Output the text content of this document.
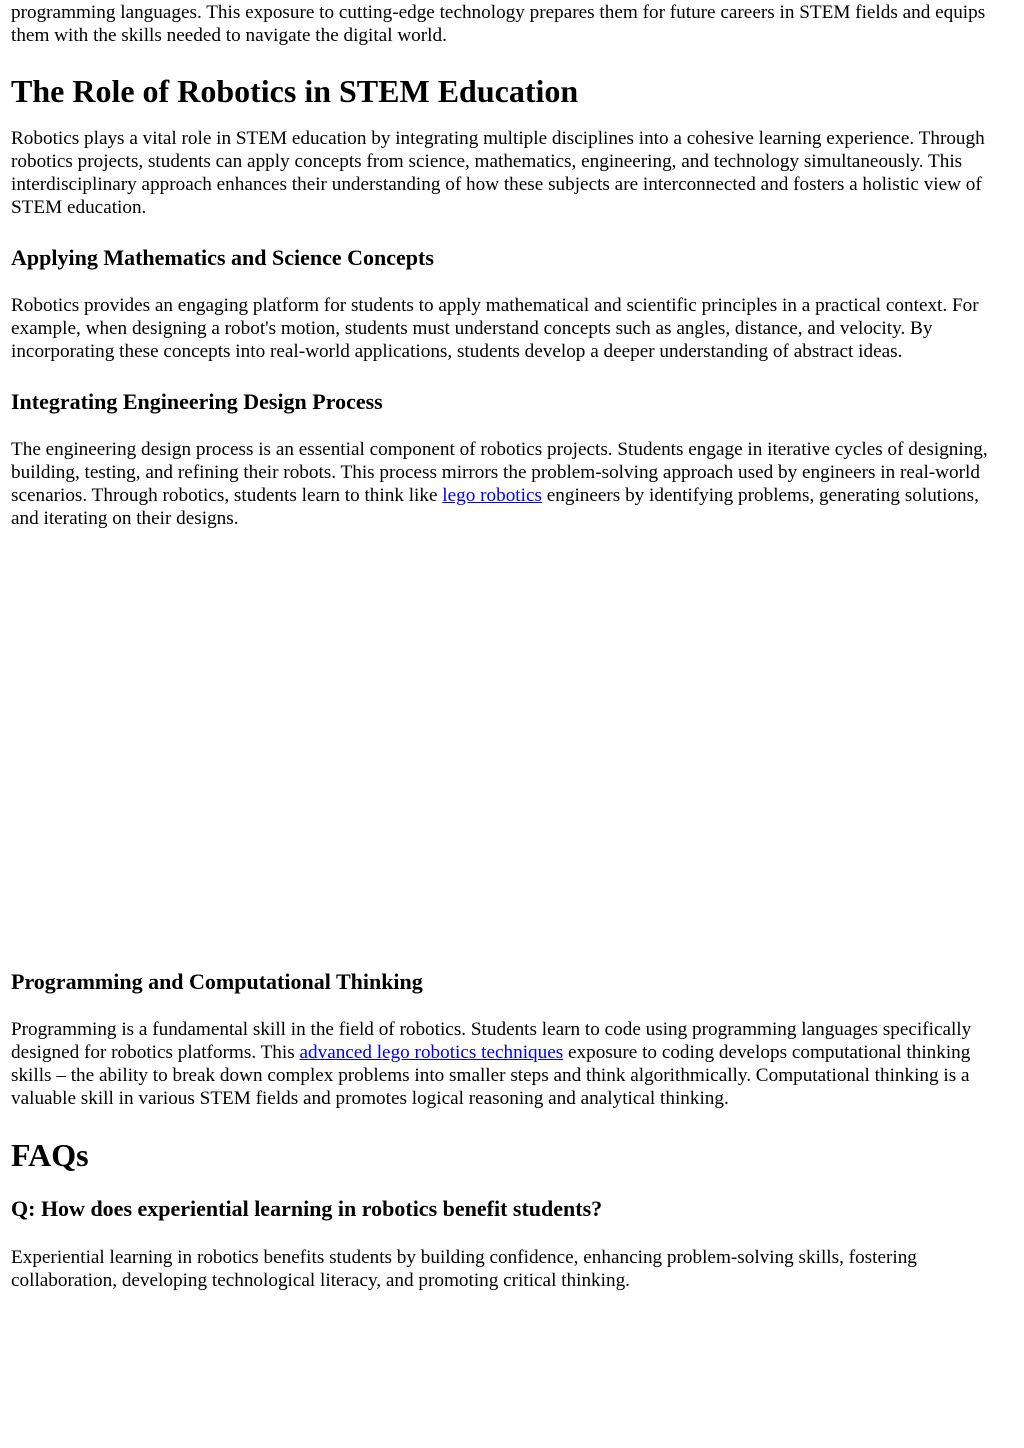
programming languages. This exposure to cutting-edge technology prepares them for future careers in STEM fields and equips them with the skills needed to navigate the digital world.

The Role of Robotics in STEM Education

Robotics plays a vital role in STEM education by integrating multiple disciplines into a cohesive learning experience. Through robotics projects, students can apply concepts from science, mathematics, engineering, and technology simultaneously. This interdisciplinary approach enhances their understanding of how these subjects are interconnected and fosters a holistic view of STEM education.

Applying Mathematics and Science Concepts

Robotics provides an engaging platform for students to apply mathematical and scientific principles in a practical context. For example, when designing a robot's motion, students must understand concepts such as angles, distance, and velocity. By incorporating these concepts into real-world applications, students develop a deeper understanding of abstract ideas.

Integrating Engineering Design Process

The engineering design process is an essential component of robotics projects. Students engage in iterative cycles of designing, building, testing, and refining their robots. This process mirrors the problem-solving approach used by engineers in real-world scenarios. Through robotics, students learn to think like lego robotics engineers by identifying problems, generating solutions, and iterating on their designs.

Programming and Computational Thinking

Programming is a fundamental skill in the field of robotics. Students learn to code using programming languages specifically designed for robotics platforms. This advanced lego robotics techniques exposure to coding develops computational thinking skills – the ability to break down complex problems into smaller steps and think algorithmically. Computational thinking is a valuable skill in various STEM fields and promotes logical reasoning and analytical thinking.

FAQs
Q: How does experiential learning in robotics benefit students?

Experiential learning in robotics benefits students by building confidence, enhancing problem-solving skills, fostering collaboration, developing technological literacy, and promoting critical thinking.
